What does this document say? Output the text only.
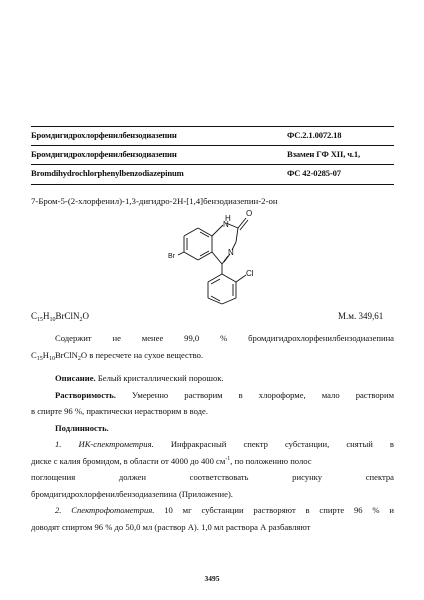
Бромдигидрохлорфенилбензодиазепин	ФС.2.1.0072.18
Бромдигидрохлорфенилбензодиазепин	Взамен ГФ XII, ч.1,
Bromdihydrochlorphenylbenzodiazepinum	ФС 42-0285-07
7-Бром-5-(2-хлорфенил)-1,3-дигидро-2Н-[1,4]бензодиазепин-2-он
H
N
O
N
Br
Cl
$C_{15}H_{10}BrClN_2O$	М.м. 349,61
Содержит не менее 99,0 % бромдигидрохлорфенилбензодиазепина
$C_{15}H_{10}BrClN_2O$ в пересчете на сухое вещество.
Описание. Белый кристаллический порошок.
Растворимость. Умеренно растворим в хлороформе, мало растворим
в спирте 96 %, практически нерастворим в воде.
Подлинность.
1. ИК-спектрометрия. Инфракрасный спектр субстанции, снятый в
диске с калия бромидом, в области от 4000 до 400 $см^{-1}$, по положению полос
поглощения должен соответствовать рисунку спектра
бромдигидрохлорфенилбензодиазепина (Приложение).
2. Спектрофотометрия. 10 мг субстанции растворяют в спирте 96 % и
доводят спиртом 96 % до 50,0 мл (раствор А). 1,0 мл раствора А разбавляют
3495
